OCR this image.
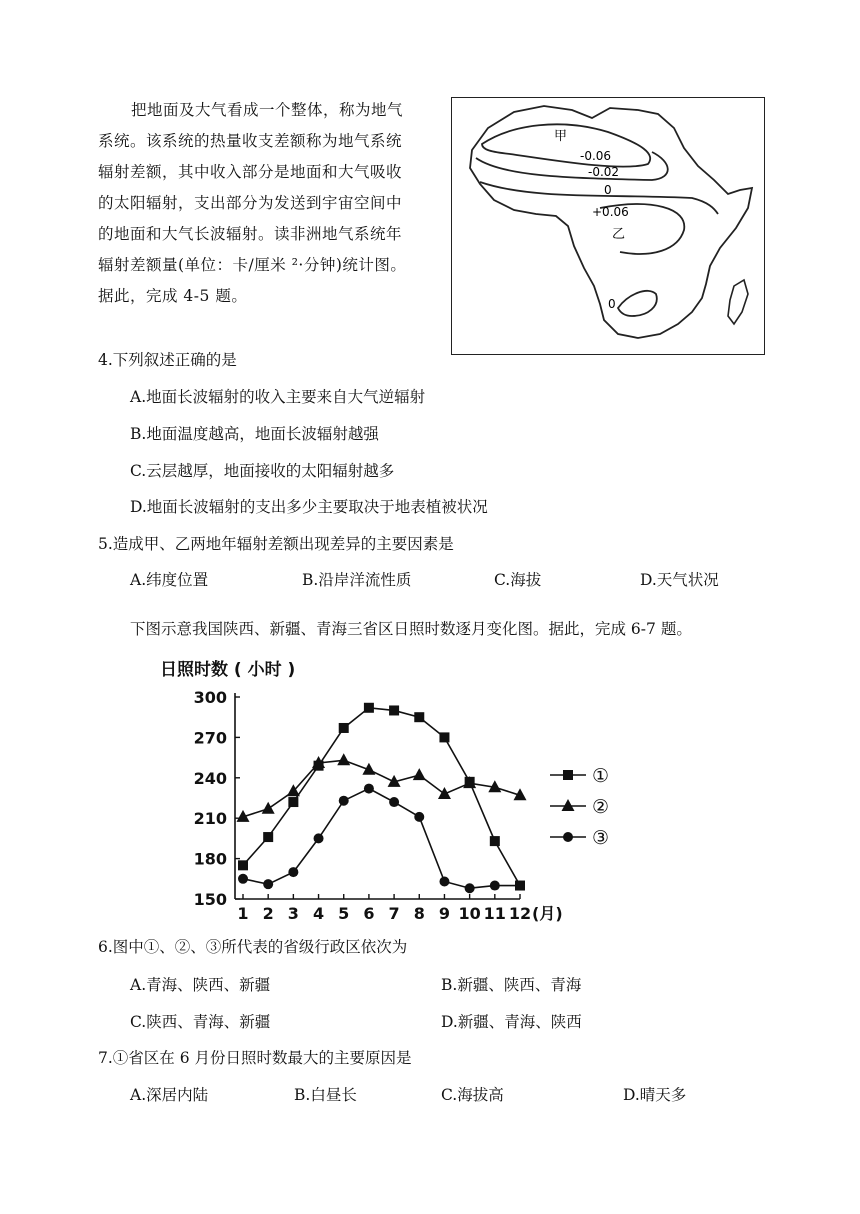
把地面及大气看成一个整体，称为地气

系统。该系统的热量收支差额称为地气系统

辐射差额，其中收入部分是地面和大气吸收

的太阳辐射，支出部分为发送到宇宙空间中

的地面和大气长波辐射。读非洲地气系统年

辐射差额量(单位：卡/厘米 ²·分钟)统计图。

据此，完成 4-5 题。

甲
-0.06
-0.02
0
+0.06
乙
0
4.下列叙述正确的是
A.地面长波辐射的收入主要来自大气逆辐射
B.地面温度越高，地面长波辐射越强
C.云层越厚，地面接收的太阳辐射越多
D.地面长波辐射的支出多少主要取决于地表植被状况
5.造成甲、乙两地年辐射差额出现差异的主要因素是
A.纬度位置	B.沿岸洋流性质	C.海拔	D.天气状况
下图示意我国陕西、新疆、青海三省区日照时数逐月变化图。据此，完成 6-7 题。
日照时数 ( 小时 )
150
180
210
240
270
300
1 2 3 4 5 6 7 8 9 10 11 12 (月)
①
②
③
6.图中①、②、③所代表的省级行政区依次为
A.青海、陕西、新疆	B.新疆、陕西、青海
C.陕西、青海、新疆	D.新疆、青海、陕西
7.①省区在 6 月份日照时数最大的主要原因是
A.深居内陆	B.白昼长	C.海拔高	D.晴天多
